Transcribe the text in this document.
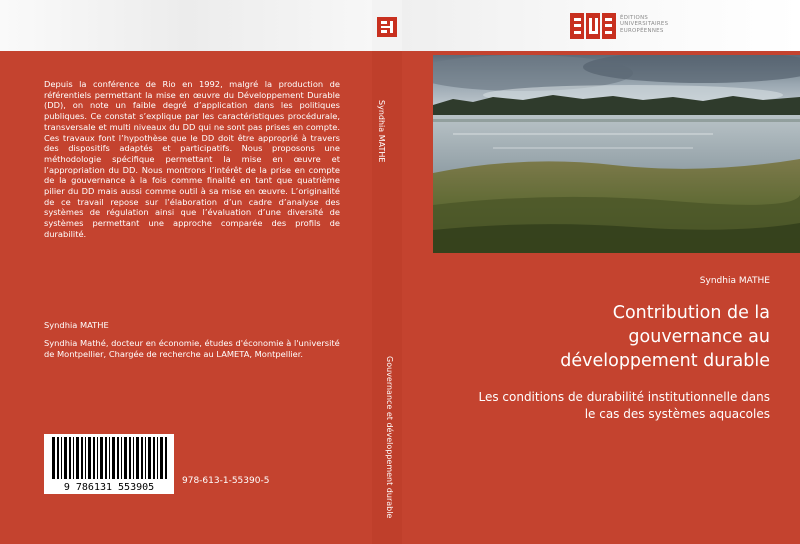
Depuis la conférence de Rio en 1992, malgré la production de référentiels permettant la mise en œuvre du Développement Durable (DD), on note un faible degré d’application dans les politiques publiques. Ce constat s’explique par les caractéristiques procédurale, transversale et multi niveaux du DD qui ne sont pas prises en compte. Ces travaux font l’hypothèse que le DD doit être approprié à travers des dispositifs adaptés et participatifs. Nous proposons une méthodologie spécifique permettant la mise en œuvre et l’appropriation du DD. Nous montrons l’intérêt de la prise en compte de la gouvernance à la fois comme finalité en tant que quatrième pilier du DD mais aussi comme outil à sa mise en œuvre. L’originalité de ce travail repose sur l’élaboration d’un cadre d’analyse des systèmes de régulation ainsi que l’évaluation d’une diversité de systèmes permettant une approche comparée des profils de durabilité.
Syndhia MATHE
Syndhia Mathé, docteur en économie, études d'économie à l'université de Montpellier, Chargée de recherche au LAMETA, Montpellier.
9 786131 553905
978-613-1-55390-5
ÉDITIONS
UNIVERSITAIRES
EUROPÉENNES
Syndhia MATHE
Contribution de la
gouvernance au
développement durable
Les conditions de durabilité institutionnelle dans
le cas des systèmes aquacoles
